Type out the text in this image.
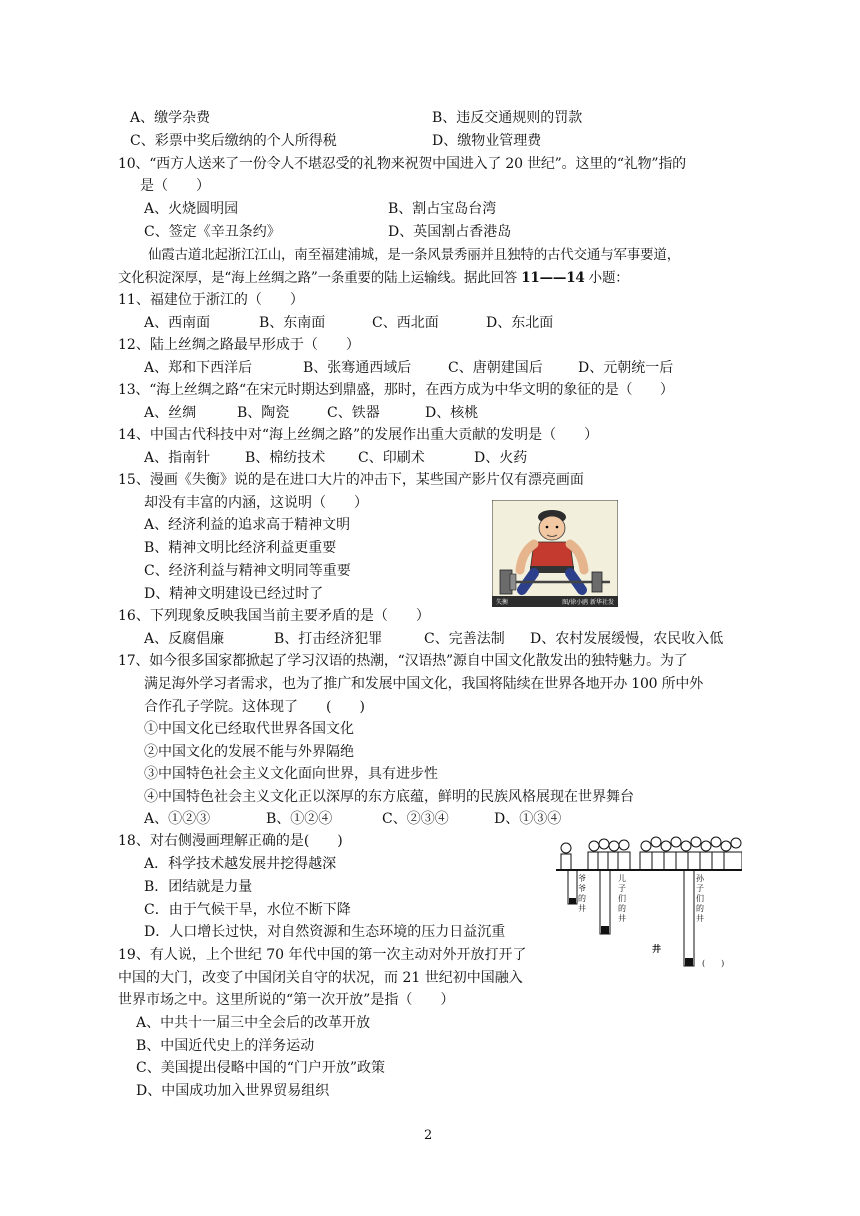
A、缴学杂费	B、违反交通规则的罚款
C、彩票中奖后缴纳的个人所得税	D、缴物业管理费
10、“西方人送来了一份令人不堪忍受的礼物来祝贺中国进入了 20 世纪”。这里的“礼物”指的
是（　　）
A、火烧圆明园	B、割占宝岛台湾
C、签定《辛丑条约》	D、英国割占香港岛
仙霞古道北起浙江江山，南至福建浦城，是一条风景秀丽并且独特的古代交通与军事要道，
文化积淀深厚，是“海上丝绸之路”一条重要的陆上运输线。据此回答 11——14 小题：
11、福建位于浙江的（　　）
A、西南面	B、东南面	C、西北面	D、东北面
12、陆上丝绸之路最早形成于（　　）
A、郑和下西洋后	B、张骞通西域后	C、唐朝建国后	D、元朝统一后
13、“海上丝绸之路“在宋元时期达到鼎盛，那时，在西方成为中华文明的象征的是（　　）
A、丝绸	B、陶瓷	C、铁器	D、核桃
14、中国古代科技中对“海上丝绸之路”的发展作出重大贡献的发明是（　　）
A、指南针 B、棉纺技术 C、印刷术	D、火药
15、漫画《失衡》说的是在进口大片的冲击下，某些国产影片仅有漂亮画面
却没有丰富的内涵，这说明（　　）
A、经济利益的追求高于精神文明
B、精神文明比经济利益更重要
C、经济利益与精神文明同等重要
D、精神文明建设已经过时了
失衡	图/徐小鸥 新华社发
16、下列现象反映我国当前主要矛盾的是（　　）
A、反腐倡廉	B、打击经济犯罪	C、完善法制 D、农村发展缓慢，农民收入低
17、如今很多国家都掀起了学习汉语的热潮，“汉语热”源自中国文化散发出的独特魅力。为了
满足海外学习者需求，也为了推广和发展中国文化，我国将陆续在世界各地开办 100 所中外
合作孔子学院。这体现了　　(　　)
①中国文化已经取代世界各国文化
②中国文化的发展不能与外界隔绝
③中国特色社会主义文化面向世界，具有进步性
④中国特色社会主义文化正以深厚的东方底蕴，鲜明的民族风格展现在世界舞台
A、①②③	B、①②④	C、②③④	D、①③④
18、对右侧漫画理解正确的是(　　)
A．科学技术越发展井挖得越深
B．团结就是力量
C．由于气候干旱，水位不断下降
D．人口增长过快，对自然资源和生态环境的压力日益沉重
爷爷的井
儿子们的井
孙子们的井
井
(　　)
19、有人说，上个世纪 70 年代中国的第一次主动对外开放打开了
中国的大门，改变了中国闭关自守的状况，而 21 世纪初中国融入
世界市场之中。这里所说的“第一次开放”是指（　　）
A、中共十一届三中全会后的改革开放
B、中国近代史上的洋务运动
C、美国提出侵略中国的“门户开放”政策
D、中国成功加入世界贸易组织
2
